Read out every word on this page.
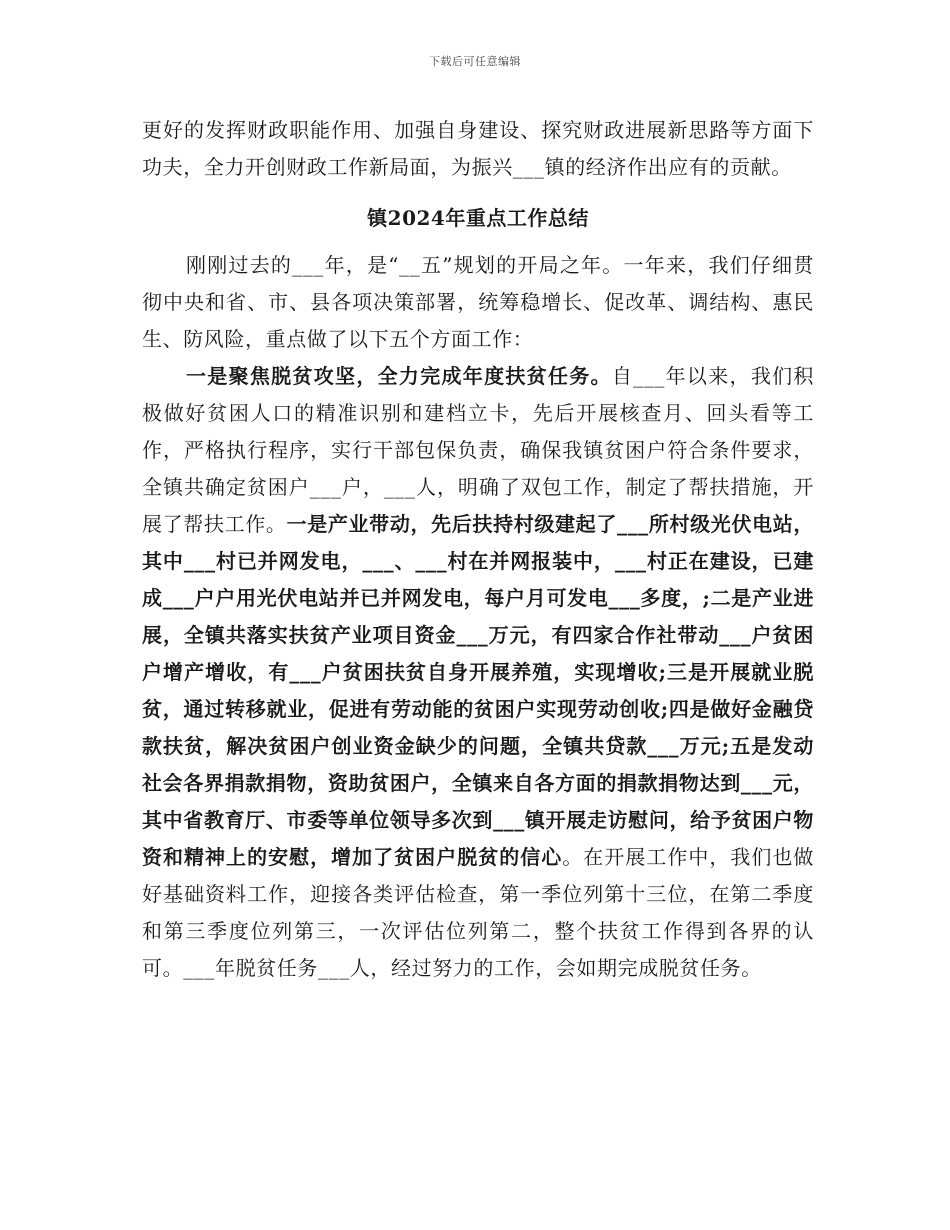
下载后可任意编辑

更好的发挥财政职能作用、加强自身建设、探究财政进展新思路等方面下功夫，全力开创财政工作新局面，为振兴___镇的经济作出应有的贡献。

镇2024年重点工作总结

刚刚过去的___年，是“__五”规划的开局之年。一年来，我们仔细贯彻中央和省、市、县各项决策部署，统筹稳增长、促改革、调结构、惠民生、防风险，重点做了以下五个方面工作：

一是聚焦脱贫攻坚，全力完成年度扶贫任务。自___年以来，我们积极做好贫困人口的精准识别和建档立卡，先后开展核查月、回头看等工作，严格执行程序，实行干部包保负责，确保我镇贫困户符合条件要求，全镇共确定贫困户___户，___人，明确了双包工作，制定了帮扶措施，开展了帮扶工作。一是产业带动，先后扶持村级建起了___所村级光伏电站，其中___村已并网发电，___、___村在并网报装中，___村正在建设，已建成___户户用光伏电站并已并网发电，每户月可发电___多度，;二是产业进展，全镇共落实扶贫产业项目资金___万元，有四家合作社带动___户贫困户增产增收，有___户贫困扶贫自身开展养殖，实现增收;三是开展就业脱贫，通过转移就业，促进有劳动能的贫困户实现劳动创收;四是做好金融贷款扶贫，解决贫困户创业资金缺少的问题，全镇共贷款___万元;五是发动社会各界捐款捐物，资助贫困户，全镇来自各方面的捐款捐物达到___元，其中省教育厅、市委等单位领导多次到___镇开展走访慰问，给予贫困户物资和精神上的安慰，增加了贫困户脱贫的信心。在开展工作中，我们也做好基础资料工作，迎接各类评估检查，第一季位列第十三位，在第二季度和第三季度位列第三，一次评估位列第二，整个扶贫工作得到各界的认可。___年脱贫任务___人，经过努力的工作，会如期完成脱贫任务。
